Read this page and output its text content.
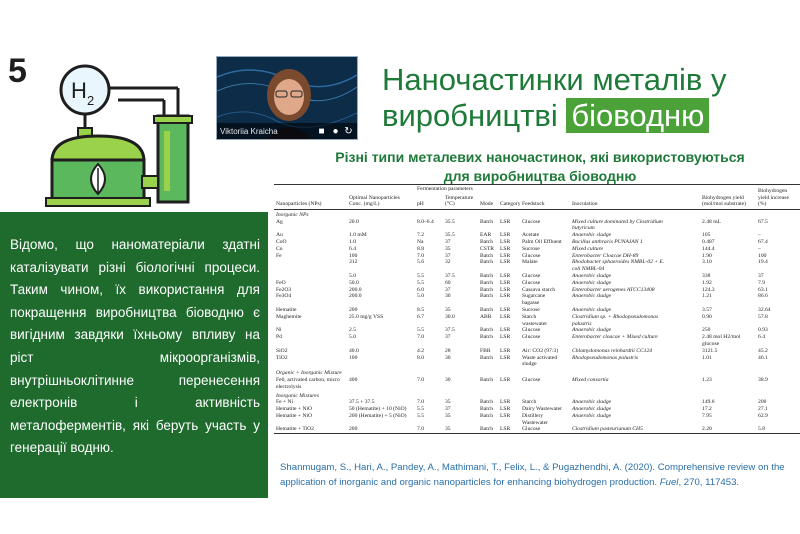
5
H 2
Viktoriia Kraicha	■ ● ↻
Наночастинки металів у
виробництві біоводню
Різні типи металевих наночастинок, які використовуються
для виробництва біоводню

Відомо, що наноматеріали здатні каталізувати різні біологічні процеси. Таким чином, їх використання для покращення виробництва біоводню є вигідним завдяки їхньому впливу на ріст мікроорганізмів, внутрішньоклітинне перенесення електронів і активність металоферментів, які беруть участь у генерації водню.

Nanoparticles (NPs)	Optimal Nanoparticles Conc. (mg/L)	Fermentation parameters				Feedstock	Inoculation	Biohydrogen yield (mol/mol substrate)	Biohydrogen yield increase (%)
		pH	Temperature (°C)	Mode	Category				
Inorganic NPs									
Ag	20.0	8.0–6.4	35.5	Batch	LSR	Glucose	Mixed culture dominated by Clostridium	2.48 mL	67.5
							butyricum		
Au	1.0 mM	7.2	35.5	EAR	LSR	Acetate	Anaerobic sludge	105	–
CoO	1.0	Na	37	Batch	LSR	Palm Oil Effluent	Bacillus anthracis PUNAJAN 1	0.487	67.4
Cu	6.4	8.8	35	CSTR	LSR	Sucrose	Mixed culture	144.4	–
Fe	100	7.0	37	Batch	LSR	Glucose	Enterobacter Cloacae DH-89	1.90	100
	312	5.6	32	Batch	LSR	Malate	Rhodobacter sphaeroides NMBL-02 + E.	3.10	19.4
							coli NMBL-04		
	5.0	5.5	37.5	Batch	LSR	Glucose	Anaerobic sludge	338	37
FeO	50.0	5.5	60	Batch	LSR	Glucose	Anaerobic sludge	1.92	7.9
Fe2O3	200.0	6.0	37	Batch	LSR	Cassava starch	Enterobacter aerogenes ATCC13408	124.3	63.1
Fe3O4	200.0	5.0	30	Batch	LSR	Sugarcane	Anaerobic sludge	1.21	86.6
						bagasse			
Hematite	200	8.5	35	Batch	LSR	Sucrose	Anaerobic sludge	3.57	32.64
Maghemite	25.0 mg/g VSS	6.7	30.0	ABR	LSR	Starch	Clostridium sp. + Rhodopseudomonas	0.90	57.8
						wastewater	palustris		
Ni	2.5	5.5	37.5	Batch	LSR	Glucose	Anaerobic sludge	250	0.93
Pd	5.0	7.0	37	Batch	LSR	Glucose	Enterobacter cloacae + Mixed culture	2.48 mol H2/mol	6.4
								glucose	
SiO2	40.0	4.2	28	FBR	LSR	Air: CO2 (97:3)	Chlamydomonas reinhardtii CC124	3121.5	45.2
TiO2	100	8.0	30	Batch	LSR	Waste activated	Rhodopseudomonas palustris	1.01	46.1
						sludge			
Organic + Inorganic Mixture									
Fe0, activated carbon, micro	400	7.0	30	Batch	LSR	Glucose	Mixed consortia	1.23	38.9
electrolysis									
Inorganic Mixtures									
Fe + Ni	37.5 + 37.5	7.0	35	Batch	LSR	Starch	Anaerobic sludge	149.6	200
Hematite + NiO	50 (Hematite) + 10 (NiO)	5.5	37	Batch	LSR	Dairy Wastewater	Anaerobic sludge	17.2	27.1
Hematite + NiO	200 (Hematite) + 5 (NiO)	5.5	35	Batch	LSR	Distillery	Anaerobic sludge	7.95	62.9
						Wastewater			
Hematite + TiO2	200	7.0	35	Batch	LSR	Glucose	Clostridium pasteurianum CH5	2.20	5.8
Shanmugam, S., Hari, A., Pandey, A., Mathimani, T., Felix, L., & Pugazhendhi, A. (2020). Comprehensive review on the application of inorganic and organic nanoparticles for enhancing biohydrogen production. Fuel, 270, 117453.
